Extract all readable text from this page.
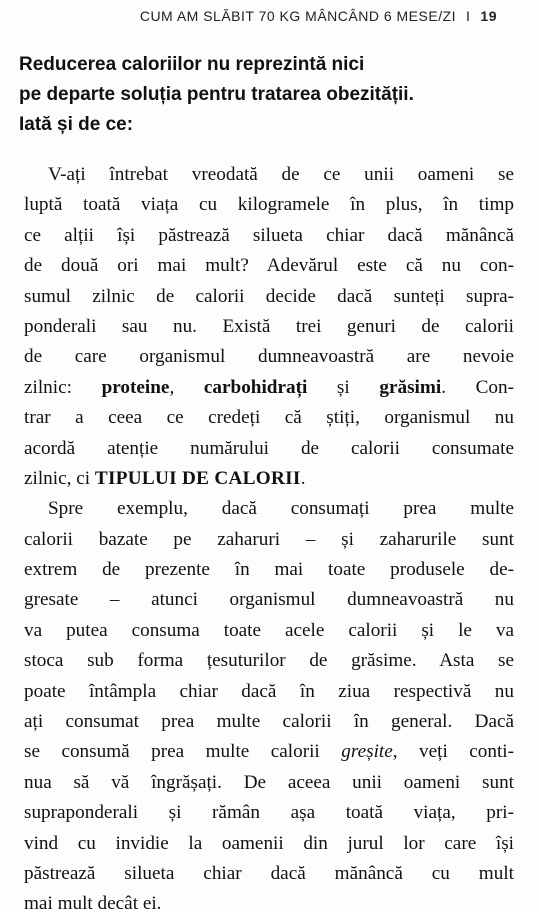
CUM AM SLĂBIT 70 KG MÂNCÂND 6 MESE/ZI I 19
Reducerea caloriilor nu reprezintă nici
pe departe soluția pentru tratarea obezității.
Iată și de ce:

V-ați întrebat vreodată de ce unii oameni se
luptă toată viața cu kilogramele în plus, în timp
ce alții își păstrează silueta chiar dacă mănâncă
de două ori mai mult? Adevărul este că nu con-
sumul zilnic de calorii decide dacă sunteți supra-
ponderali sau nu. Există trei genuri de calorii
de care organismul dumneavoastră are nevoie
zilnic: proteine, carbohidrați și grăsimi. Con-
trar a ceea ce credeți că știți, organismul nu
acordă atenție numărului de calorii consumate
zilnic, ci TIPULUI DE CALORII.

Spre exemplu, dacă consumați prea multe
calorii bazate pe zaharuri – și zaharurile sunt
extrem de prezente în mai toate produsele de-
gresate – atunci organismul dumneavoastră nu
va putea consuma toate acele calorii și le va
stoca sub forma țesuturilor de grăsime. Asta se
poate întâmpla chiar dacă în ziua respectivă nu
ați consumat prea multe calorii în general. Dacă
se consumă prea multe calorii greșite, veți conti-
nua să vă îngrășați. De aceea unii oameni sunt
supraponderali și rămân așa toată viața, pri-
vind cu invidie la oamenii din jurul lor care își
păstrează silueta chiar dacă mănâncă cu mult
mai mult decât ei.
